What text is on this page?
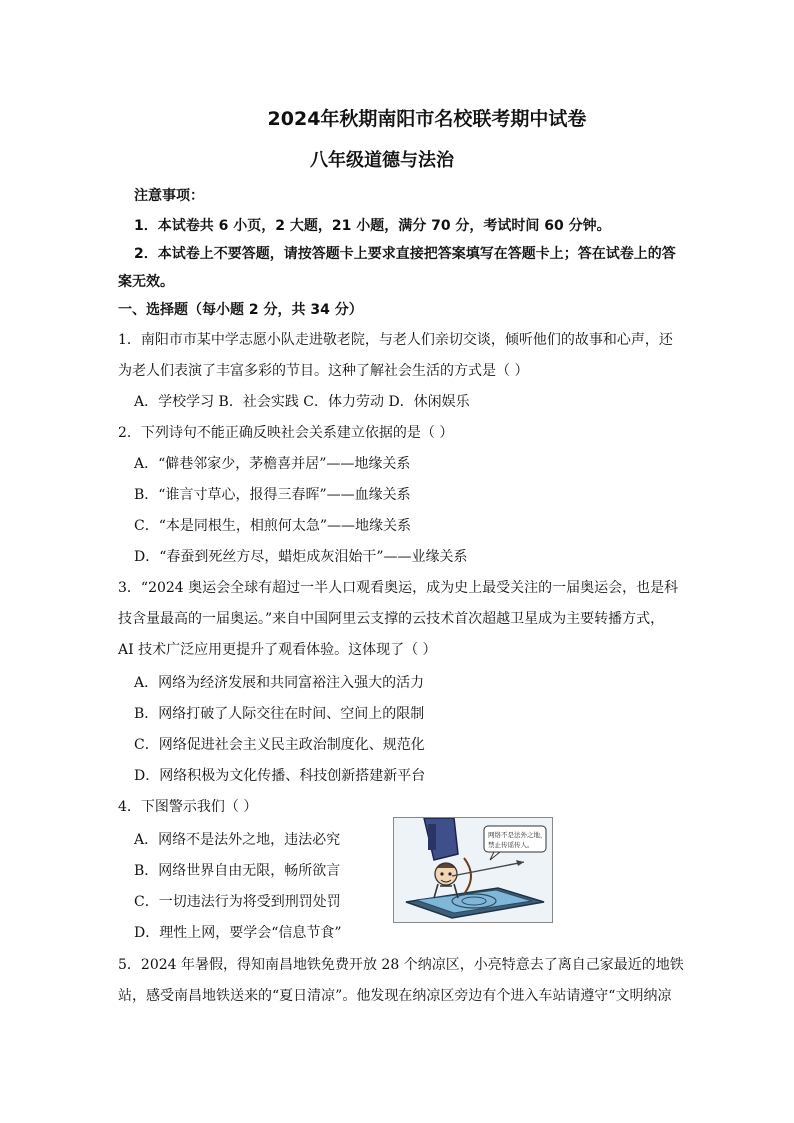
2024年秋期南阳市名校联考期中试卷
八年级道德与法治
注意事项：
1．本试卷共 6 小页，2 大题，21 小题，满分 70 分，考试时间 60 分钟。
2．本试卷上不要答题，请按答题卡上要求直接把答案填写在答题卡上；答在试卷上的答
案无效。
一、选择题（每小题 2 分，共 34 分）
1．南阳市市某中学志愿小队走进敬老院，与老人们亲切交谈，倾听他们的故事和心声，还
为老人们表演了丰富多彩的节目。这种了解社会生活的方式是（ ）
A．学校学习 B．社会实践 C．体力劳动 D．休闲娱乐
2．下列诗句不能正确反映社会关系建立依据的是（ ）
A．“僻巷邻家少，茅檐喜并居”——地缘关系
B．“谁言寸草心，报得三春晖”——血缘关系
C．“本是同根生，相煎何太急”——地缘关系
D．“春蚕到死丝方尽，蜡炬成灰泪始干”——业缘关系
3．“2024 奥运会全球有超过一半人口观看奥运，成为史上最受关注的一届奥运会，也是科
技含量最高的一届奥运。”来自中国阿里云支撑的云技术首次超越卫星成为主要转播方式，
AI 技术广泛应用更提升了观看体验。这体现了（ ）
A．网络为经济发展和共同富裕注入强大的活力
B．网络打破了人际交往在时间、空间上的限制
C．网络促进社会主义民主政治制度化、规范化
D．网络积极为文化传播、科技创新搭建新平台
4．下图警示我们（ ）
A．网络不是法外之地，违法必究
B．网络世界自由无限，畅所欲言
C．一切违法行为将受到刑罚处罚
D．理性上网，要学会“信息节食”
网络不是法外之地，
禁止传谣传人。
5．2024 年暑假，得知南昌地铁免费开放 28 个纳凉区，小亮特意去了离自己家最近的地铁
站，感受南昌地铁送来的“夏日清凉”。他发现在纳凉区旁边有个进入车站请遵守“文明纳凉
